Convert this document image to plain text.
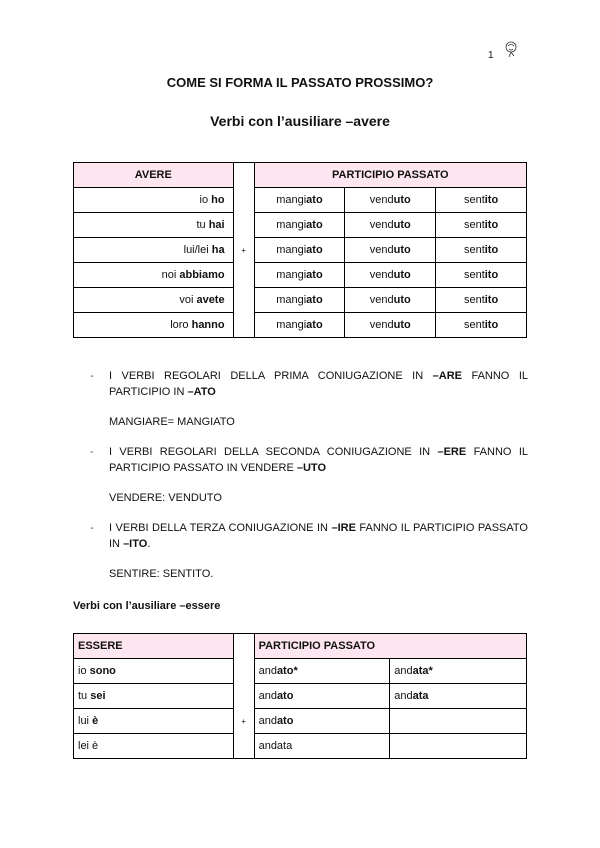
1
COME SI FORMA IL PASSATO PROSSIMO?
Verbi con l’ausiliare –avere
AVERE		PARTICIPIO PASSATO		
io ho		mangiato	venduto	sentito
tu hai		mangiato	venduto	sentito
lui/lei ha	+	mangiato	venduto	sentito
noi abbiamo		mangiato	venduto	sentito
voi avete		mangiato	venduto	sentito
loro hanno		mangiato	venduto	sentito
- I VERBI REGOLARI DELLA PRIMA CONIUGAZIONE IN –ARE FANNO IL PARTICIPIO IN –ATO
MANGIARE= MANGIATO
- I VERBI REGOLARI DELLA SECONDA CONIUGAZIONE IN –ERE FANNO IL PARTICIPIO PASSATO IN VENDERE –UTO
VENDERE: VENDUTO
- I VERBI DELLA TERZA CONIUGAZIONE IN –IRE FANNO IL PARTICIPIO PASSATO IN –ITO.
SENTIRE: SENTITO.
Verbi con l’ausiliare –essere
ESSERE		PARTICIPIO PASSATO	
io sono		andato*	andata*
tu sei		andato	andata
lui è	+	andato	
lei è		andata	
